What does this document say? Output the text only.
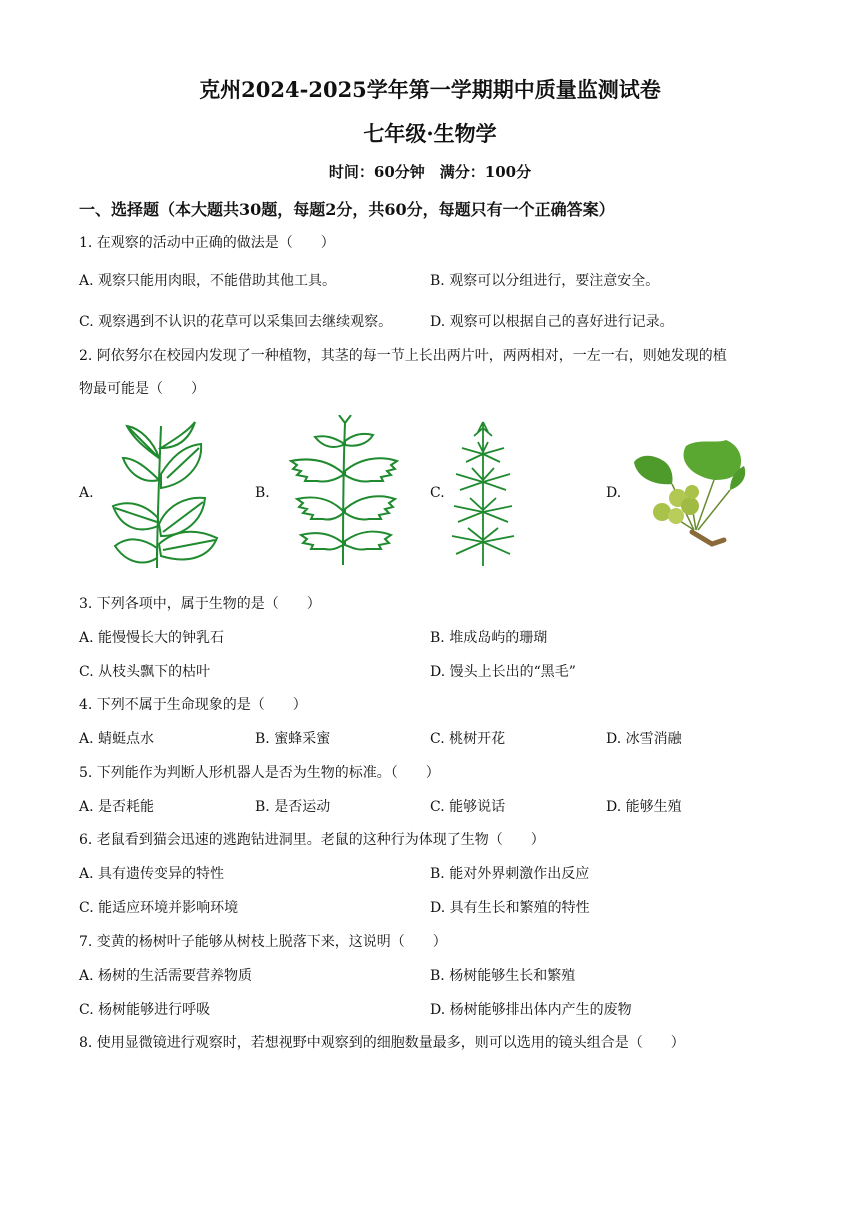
克州2024-2025学年第一学期期中质量监测试卷
七年级·生物学
时间：60分钟　满分：100分
一、选择题（本大题共30题，每题2分，共60分，每题只有一个正确答案）
1. 在观察的活动中正确的做法是（　　）
A. 观察只能用肉眼，不能借助其他工具。	B. 观察可以分组进行，要注意安全。
C. 观察遇到不认识的花草可以采集回去继续观察。	D. 观察可以根据自己的喜好进行记录。
2. 阿依努尔在校园内发现了一种植物，其茎的每一节上长出两片叶，两两相对，一左一右，则她发现的植
物最可能是（　　）
A.	B.	C.	D.
3. 下列各项中，属于生物的是（　　）
A. 能慢慢长大的钟乳石	B. 堆成岛屿的珊瑚
C. 从枝头飘下的枯叶	D. 馒头上长出的“黑毛”
4. 下列不属于生命现象的是（　　）
A. 蜻蜓点水	B. 蜜蜂采蜜	C. 桃树开花	D. 冰雪消融
5. 下列能作为判断人形机器人是否为生物的标准。（　　）
A. 是否耗能	B. 是否运动	C. 能够说话	D. 能够生殖
6. 老鼠看到猫会迅速的逃跑钻进洞里。老鼠的这种行为体现了生物（　　）
A. 具有遗传变异的特性	B. 能对外界刺激作出反应
C. 能适应环境并影响环境	D. 具有生长和繁殖的特性
7. 变黄的杨树叶子能够从树枝上脱落下来，这说明（　　）
A. 杨树的生活需要营养物质	B. 杨树能够生长和繁殖
C. 杨树能够进行呼吸	D. 杨树能够排出体内产生的废物
8. 使用显微镜进行观察时，若想视野中观察到的细胞数量最多，则可以选用的镜头组合是（　　）
